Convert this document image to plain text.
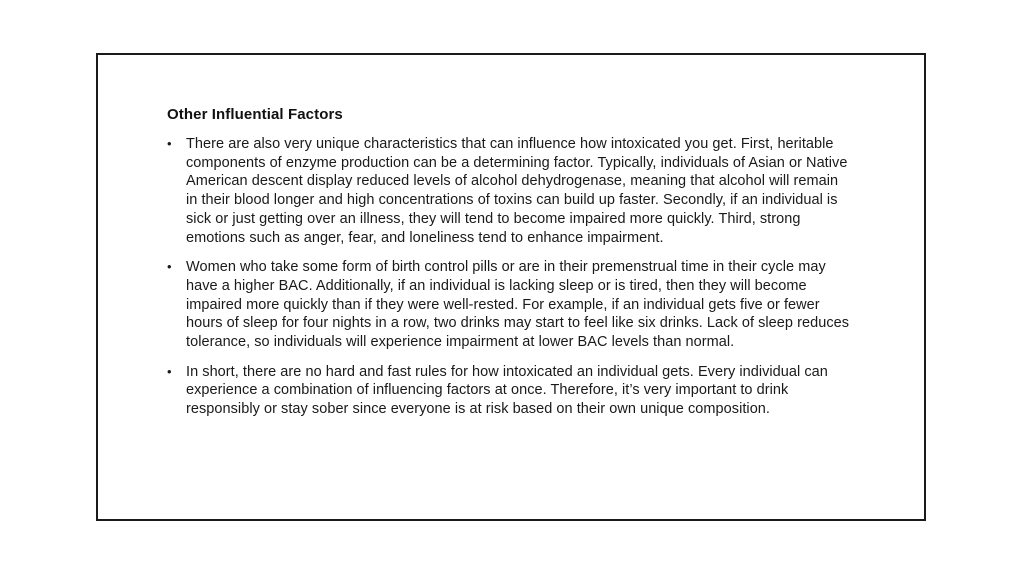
Other Influential Factors
• There are also very unique characteristics that can influence how intoxicated you get. First, heritable components of enzyme production can be a determining factor. Typically, individuals of Asian or Native American descent display reduced levels of alcohol dehydrogenase, meaning that alcohol will remain in their blood longer and high concentrations of toxins can build up faster. Secondly, if an individual is sick or just getting over an illness, they will tend to become impaired more quickly. Third, strong emotions such as anger, fear, and loneliness tend to enhance impairment.
• Women who take some form of birth control pills or are in their premenstrual time in their cycle may have a higher BAC. Additionally, if an individual is lacking sleep or is tired, then they will become impaired more quickly than if they were well-rested. For example, if an individual gets five or fewer hours of sleep for four nights in a row, two drinks may start to feel like six drinks. Lack of sleep reduces tolerance, so individuals will experience impairment at lower BAC levels than normal.
• In short, there are no hard and fast rules for how intoxicated an individual gets. Every individual can experience a combination of influencing factors at once. Therefore, it’s very important to drink responsibly or stay sober since everyone is at risk based on their own unique composition.
